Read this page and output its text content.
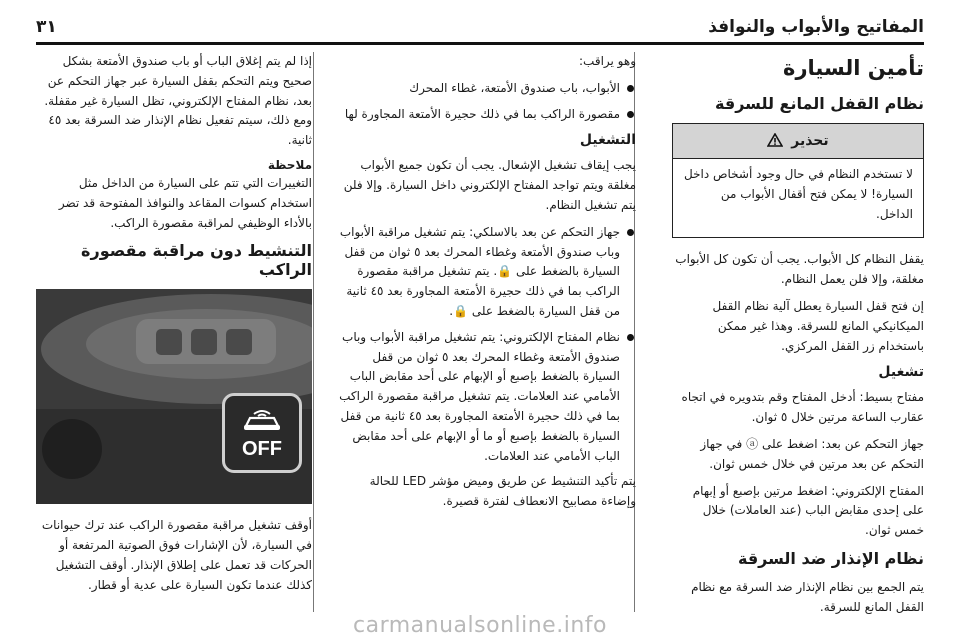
المفاتيح والأبواب والنوافذ
٣١
تأمين السيارة
نظام القفل المانع للسرقة
تحذير

لا تستخدم النظام في حال وجود أشخاص داخل السيارة! لا يمكن فتح أقفال الأبواب من الداخل.

يقفل النظام كل الأبواب. يجب أن تكون كل الأبواب مغلقة، وإلا فلن يعمل النظام.

إن فتح قفل السيارة يعطل آلية نظام القفل الميكانيكي المانع للسرقة. وهذا غير ممكن باستخدام زر القفل المركزي.

تشغيل

مفتاح بسيط: أدخل المفتاح وقم بتدويره في اتجاه عقارب الساعة مرتين خلال ٥ ثوان.

جهاز التحكم عن بعد: اضغط على ⓐ في جهاز التحكم عن بعد مرتين في خلال خمس ثوان.

المفتاح الإلكتروني: اضغط مرتين بإصبع أو إبهام على إحدى مقابض الباب (عند العاملات) خلال خمس ثوان.

نظام الإنذار ضد السرقة

يتم الجمع بين نظام الإنذار ضد السرقة مع نظام القفل المانع للسرقة.

وهو يراقب:

الأبواب، باب صندوق الأمتعة، غطاء المحرك
مقصورة الراكب بما في ذلك حجيرة الأمتعة المجاورة لها
التشغيل

يجب إيقاف تشغيل الإشعال. يجب أن تكون جميع الأبواب مغلقة ويتم تواجد المفتاح الإلكتروني داخل السيارة. وإلا فلن يتم تشغيل النظام.

جهاز التحكم عن بعد بالاسلكي: يتم تشغيل مراقبة الأبواب وباب صندوق الأمتعة وغطاء المحرك بعد ٥ ثوان من قفل السيارة بالضغط على 🔒. يتم تشغيل مراقبة مقصورة الراكب بما في ذلك حجيرة الأمتعة المجاورة بعد ٤٥ ثانية من قفل السيارة بالضغط على 🔒.
نظام المفتاح الإلكتروني: يتم تشغيل مراقبة الأبواب وباب صندوق الأمتعة وغطاء المحرك بعد ٥ ثوان من قفل السيارة بالضغط بإصبع أو الإبهام على أحد مقابض الباب الأمامي عند العلامات. يتم تشغيل مراقبة مقصورة الراكب بما في ذلك حجيرة الأمتعة المجاورة بعد ٤٥ ثانية من قفل السيارة بالضغط بإصبع أو ما أو الإبهام على أحد مقابض الباب الأمامي عند العلامات.

يتم تأكيد التنشيط عن طريق وميض مؤشر LED للحالة وإضاءة مصابيح الانعطاف لفترة قصيرة.

إذا لم يتم إغلاق الباب أو باب صندوق الأمتعة بشكل صحيح ويتم التحكم بقفل السيارة عبر جهاز التحكم عن بعد، نظام المفتاح الإلكتروني، تظل السيارة غير مقفلة. ومع ذلك، سيتم تفعيل نظام الإنذار ضد السرقة بعد ٤٥ ثانية.

ملاحظة

التغييرات التي تتم على السيارة من الداخل مثل استخدام كسوات المقاعد والنوافذ المفتوحة قد تضر بالأداء الوظيفي لمراقبة مقصورة الراكب.

التنشيط دون مراقبة مقصورة الراكب
OFF

أوقف تشغيل مراقبة مقصورة الراكب عند ترك حيوانات في السيارة، لأن الإشارات فوق الصوتية المرتفعة أو الحركات قد تعمل على إطلاق الإنذار. أوقف التشغيل كذلك عندما تكون السيارة على عدية أو قطار.

carmanualsonline.info
